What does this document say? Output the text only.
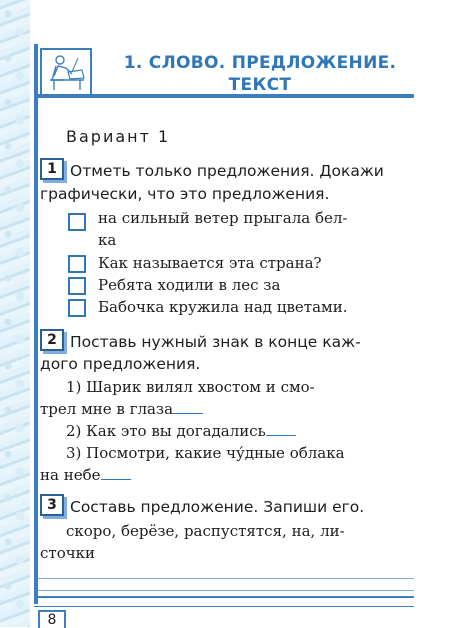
1. СЛОВО. ПРЕДЛОЖЕНИЕ.
ТЕКСТ
Вариант 1
1 Отметь только предложения. Докажи
графически, что это предложения.
на сильный ветер прыгала бел-
ка
Как называется эта страна?
Ребята ходили в лес за
Бабочка кружила над цветами.
2 Поставь нужный знак в конце каж-
дого предложения.
1) Шарик вилял хвостом и смо-
трел мне в глаза
2) Как это вы догадались
3) Посмотри, какие чу́дные облака
на небе
3 Составь предложение. Запиши его.
скоро, берёзе, распустятся, на, ли-
сточки
8
